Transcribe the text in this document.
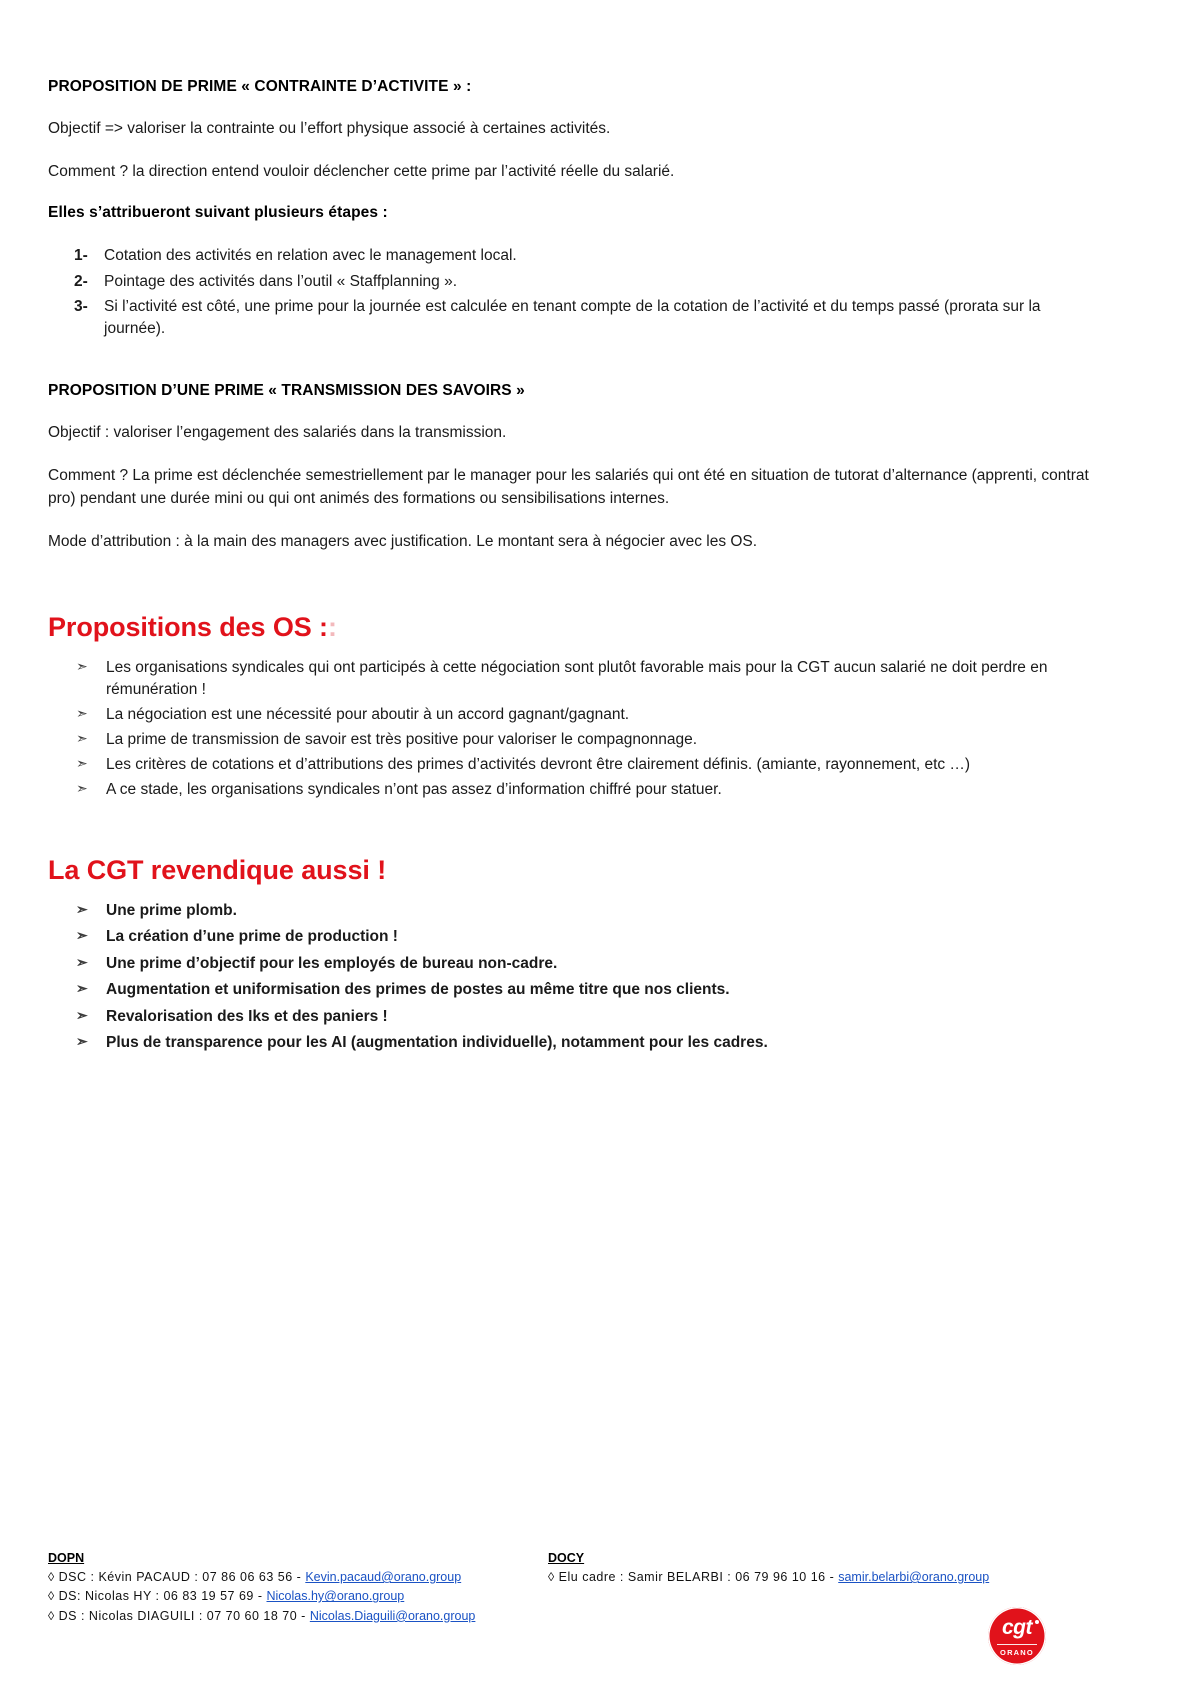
PROPOSITION DE PRIME « CONTRAINTE D’ACTIVITE » :

Objectif => valoriser la contrainte ou l’effort physique associé à certaines activités.

Comment ? la direction entend vouloir déclencher cette prime par l’activité réelle du salarié.

Elles s’attribueront suivant plusieurs étapes :

1- Cotation des activités en relation avec le management local.
2- Pointage des activités dans l’outil « Staffplanning ».
3- Si l’activité est côté, une prime pour la journée est calculée en tenant compte de la cotation de l’activité et du temps passé (prorata sur la journée).

PROPOSITION D’UNE PRIME « TRANSMISSION DES SAVOIRS »

Objectif : valoriser l’engagement des salariés dans la transmission.

Comment ? La prime est déclenchée semestriellement par le manager pour les salariés qui ont été en situation de tutorat d’alternance (apprenti, contrat pro) pendant une durée mini ou qui ont animés des formations ou sensibilisations internes.

Mode d’attribution : à la main des managers avec justification. Le montant sera à négocier avec les OS.

Propositions des OS ::
➣ Les organisations syndicales qui ont participés à cette négociation sont plutôt favorable mais pour la CGT aucun salarié ne doit perdre en rémunération !
➣ La négociation est une nécessité pour aboutir à un accord gagnant/gagnant.
➣ La prime de transmission de savoir est très positive pour valoriser le compagnonnage.
➣ Les critères de cotations et d’attributions des primes d’activités devront être clairement définis. (amiante, rayonnement, etc …)
➣ A ce stade, les organisations syndicales n’ont pas assez d’information chiffré pour statuer.
La CGT revendique aussi !
➣ Une prime plomb.
➣ La création d’une prime de production !
➣ Une prime d’objectif pour les employés de bureau non-cadre.
➣ Augmentation et uniformisation des primes de postes au même titre que nos clients.
➣ Revalorisation des Iks et des paniers !
➣ Plus de transparence pour les AI (augmentation individuelle), notamment pour les cadres.
DOPN
◊ DSC : Kévin PACAUD : 07 86 06 63 56 - Kevin.pacaud@orano.group
◊ DS: Nicolas HY : 06 83 19 57 69 - Nicolas.hy@orano.group
◊ DS : Nicolas DIAGUILI : 07 70 60 18 70 - Nicolas.Diaguili@orano.group
DOCY
◊ Elu cadre : Samir BELARBI : 06 79 96 10 16 - samir.belarbi@orano.group
cgt
ORANO
